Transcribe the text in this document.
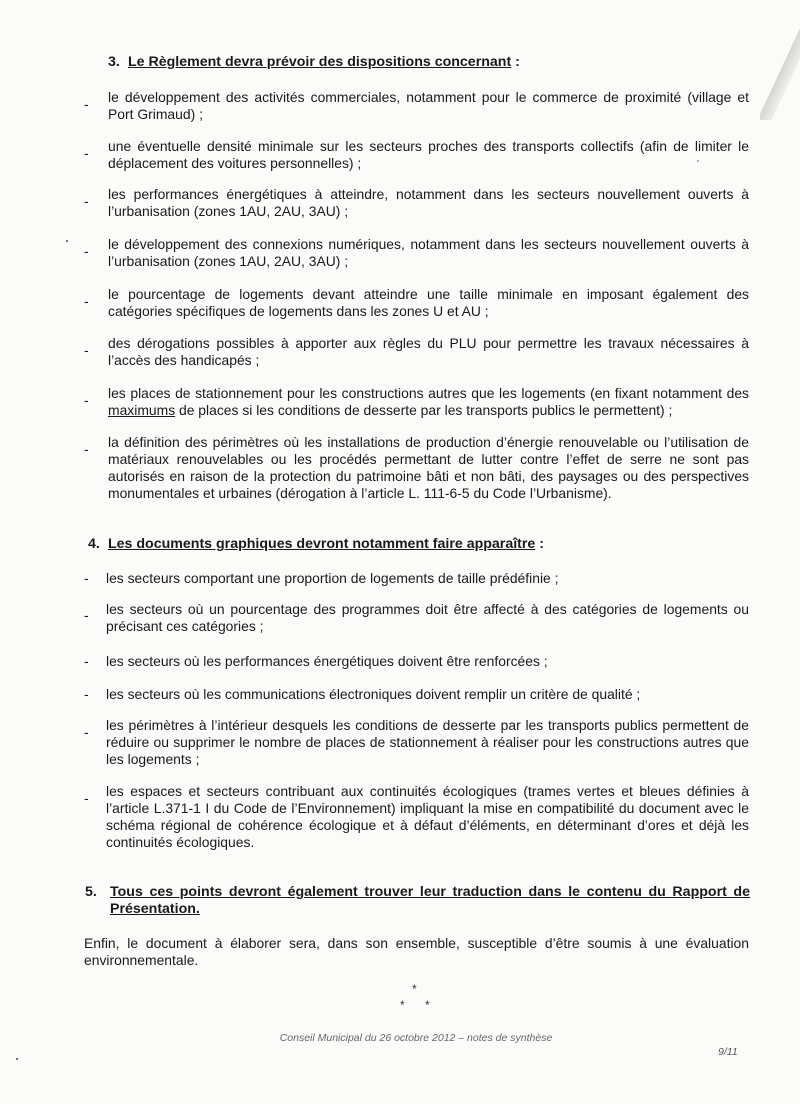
3. Le Règlement devra prévoir des dispositions concernant :
- le développement des activités commerciales, notamment pour le commerce de proximité (village et Port Grimaud) ;
- une éventuelle densité minimale sur les secteurs proches des transports collectifs (afin de limiter le déplacement des voitures personnelles) ;
- les performances énergétiques à atteindre, notamment dans les secteurs nouvellement ouverts à l’urbanisation (zones 1AU, 2AU, 3AU) ;
- le développement des connexions numériques, notamment dans les secteurs nouvellement ouverts à l’urbanisation (zones 1AU, 2AU, 3AU) ;
- le pourcentage de logements devant atteindre une taille minimale en imposant également des catégories spécifiques de logements dans les zones U et AU ;
- des dérogations possibles à apporter aux règles du PLU pour permettre les travaux nécessaires à l’accès des handicapés ;
- les places de stationnement pour les constructions autres que les logements (en fixant notamment des maximums de places si les conditions de desserte par les transports publics le permettent) ;
- la définition des périmètres où les installations de production d’énergie renouvelable ou l’utilisation de matériaux renouvelables ou les procédés permettant de lutter contre l’effet de serre ne sont pas autorisés en raison de la protection du patrimoine bâti et non bâti, des paysages ou des perspectives monumentales et urbaines (dérogation à l’article L. 111-6-5 du Code l’Urbanisme).
4. Les documents graphiques devront notamment faire apparaître :
- les secteurs comportant une proportion de logements de taille prédéfinie ;
- les secteurs où un pourcentage des programmes doit être affecté à des catégories de logements ou précisant ces catégories ;
- les secteurs où les performances énergétiques doivent être renforcées ;
- les secteurs où les communications électroniques doivent remplir un critère de qualité ;
- les périmètres à l’intérieur desquels les conditions de desserte par les transports publics permettent de réduire ou supprimer le nombre de places de stationnement à réaliser pour les constructions autres que les logements ;
- les espaces et secteurs contribuant aux continuités écologiques (trames vertes et bleues définies à l’article L.371-1 I du Code de l’Environnement) impliquant la mise en compatibilité du document avec le schéma régional de cohérence écologique et à défaut d’éléments, en déterminant d’ores et déjà les continuités écologiques.
5. Tous ces points devront également trouver leur traduction dans le contenu du Rapport de Présentation.
Enfin, le document à élaborer sera, dans son ensemble, susceptible d’être soumis à une évaluation environnementale.
*
* *
Conseil Municipal du 26 octobre 2012 – notes de synthèse
9/11
